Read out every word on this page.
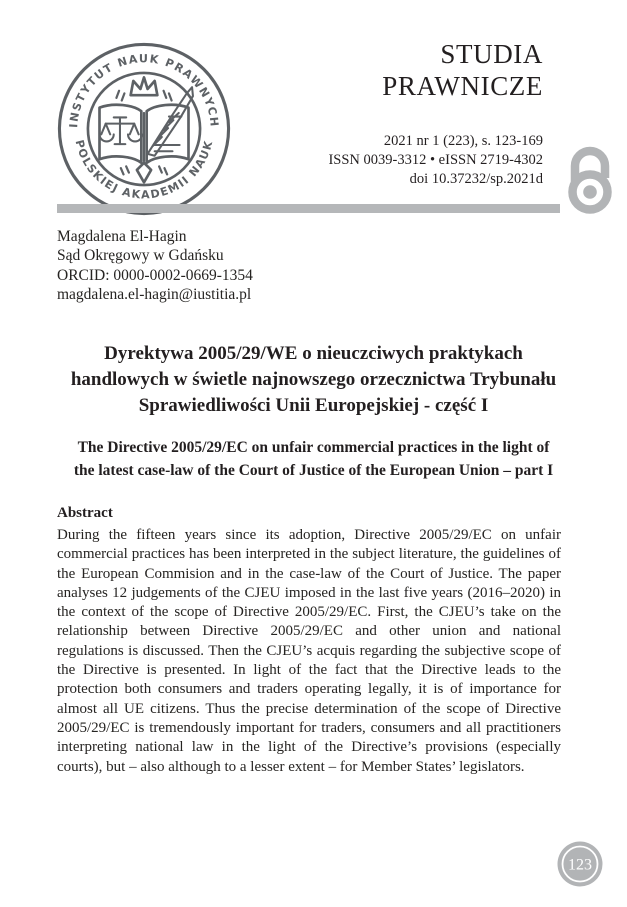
INSTYTUT NAUK PRAWNYCH
POLSKIEJ AKADEMII NAUK
STUDIA
PRAWNICZE
2021 nr 1 (223), s. 123-169
ISSN 0039-3312 • eISSN 2719-4302
doi 10.37232/sp.2021d
Magdalena El-Hagin
Sąd Okręgowy w Gdańsku
ORCID: 0000-0002-0669-1354
magdalena.el-hagin@iustitia.pl
Dyrektywa 2005/29/WE o nieuczciwych praktykach
handlowych w świetle najnowszego orzecznictwa Trybunału
Sprawiedliwości Unii Europejskiej - część I
The Directive 2005/29/EC on unfair commercial practices in the light of
the latest case-law of the Court of Justice of the European Union – part I
Abstract

During the fifteen years since its adoption, Directive 2005/29/EC on unfair commercial practices has been interpreted in the subject literature, the guidelines of the European Commision and in the case-law of the Court of Justice. The paper analyses 12 judgements of the CJEU imposed in the last five years (2016–2020) in the context of the scope of Directive 2005/29/EC. First, the CJEU’s take on the relationship between Directive 2005/29/EC and other union and national regulations is discussed. Then the CJEU’s acquis regarding the subjective scope of the Directive is presented. In light of the fact that the Directive leads to the protection both consumers and traders operating legally, it is of importance for almost all UE citizens. Thus the precise determination of the scope of Directive 2005/29/EC is tremendously important for traders, consumers and all practitioners interpreting national law in the light of the Directive’s provisions (especially courts), but – also although to a lesser extent – for Member States’ legislators.

123
